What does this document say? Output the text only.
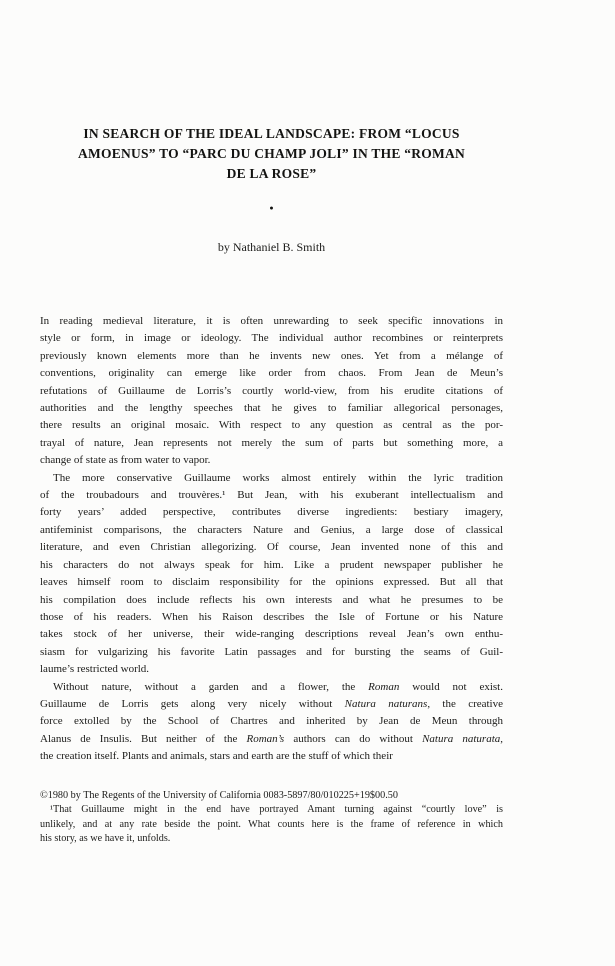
IN SEARCH OF THE IDEAL LANDSCAPE: FROM “LOCUS
AMOENUS” TO “PARC DU CHAMP JOLI” IN THE “ROMAN
DE LA ROSE”
●
by Nathaniel B. Smith
In reading medieval literature, it is often unrewarding to seek specific innovations in
style or form, in image or ideology. The individual author recombines or reinterprets
previously known elements more than he invents new ones. Yet from a mélange of
conventions, originality can emerge like order from chaos. From Jean de Meun’s
refutations of Guillaume de Lorris’s courtly world-view, from his erudite citations of
authorities and the lengthy speeches that he gives to familiar allegorical personages,
there results an original mosaic. With respect to any question as central as the por-
trayal of nature, Jean represents not merely the sum of parts but something more, a
change of state as from water to vapor.
The more conservative Guillaume works almost entirely within the lyric tradition
of the troubadours and trouvères.¹ But Jean, with his exuberant intellectualism and
forty years’ added perspective, contributes diverse ingredients: bestiary imagery,
antifeminist comparisons, the characters Nature and Genius, a large dose of classical
literature, and even Christian allegorizing. Of course, Jean invented none of this and
his characters do not always speak for him. Like a prudent newspaper publisher he
leaves himself room to disclaim responsibility for the opinions expressed. But all that
his compilation does include reflects his own interests and what he presumes to be
those of his readers. When his Raison describes the Isle of Fortune or his Nature
takes stock of her universe, their wide-ranging descriptions reveal Jean’s own enthu-
siasm for vulgarizing his favorite Latin passages and for bursting the seams of Guil-
laume’s restricted world.
Without nature, without a garden and a flower, the Roman would not exist.
Guillaume de Lorris gets along very nicely without Natura naturans, the creative
force extolled by the School of Chartres and inherited by Jean de Meun through
Alanus de Insulis. But neither of the Roman’s authors can do without Natura naturata,
the creation itself. Plants and animals, stars and earth are the stuff of which their
©1980 by The Regents of the University of California 0083-5897/80/010225+19$00.50
¹That Guillaume might in the end have portrayed Amant turning against “courtly love” is
unlikely, and at any rate beside the point. What counts here is the frame of reference in which
his story, as we have it, unfolds.
